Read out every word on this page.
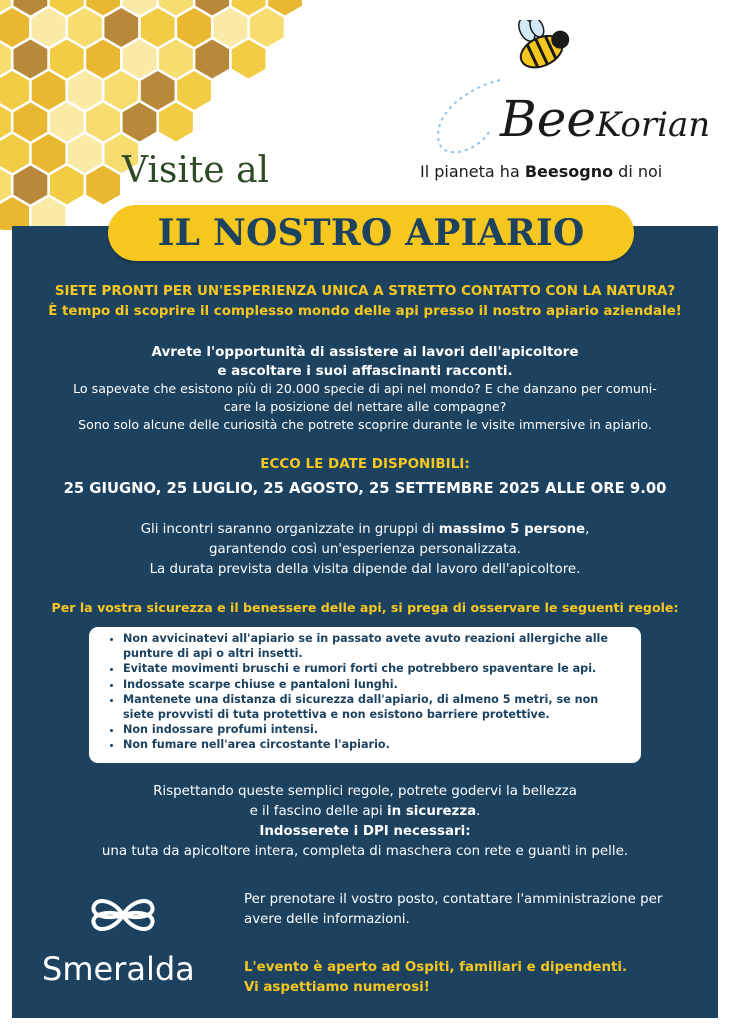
BeeKorian
Il pianeta ha Beesogno di noi
Visite al
IL NOSTRO APIARIO
SIETE PRONTI PER UN'ESPERIENZA UNICA A STRETTO CONTATTO CON LA NATURA?
È tempo di scoprire il complesso mondo delle api presso il nostro apiario aziendale!
Avrete l'opportunità di assistere ai lavori dell'apicoltore
e ascoltare i suoi affascinanti racconti.
Lo sapevate che esistono più di 20.000 specie di api nel mondo? E che danzano per comuni-
care la posizione del nettare alle compagne?
Sono solo alcune delle curiosità che potrete scoprire durante le visite immersive in apiario.
ECCO LE DATE DISPONIBILI:
25 GIUGNO, 25 LUGLIO, 25 AGOSTO, 25 SETTEMBRE 2025 ALLE ORE 9.00
Gli incontri saranno organizzate in gruppi di massimo 5 persone,
garantendo così un'esperienza personalizzata.
La durata prevista della visita dipende dal lavoro dell'apicoltore.
Per la vostra sicurezza e il benessere delle api, si prega di osservare le seguenti regole:
• Non avvicinatevi all'apiario se in passato avete avuto reazioni allergiche alle punture di api o altri insetti.
• Evitate movimenti bruschi e rumori forti che potrebbero spaventare le api.
• Indossate scarpe chiuse e pantaloni lunghi.
• Mantenete una distanza di sicurezza dall'apiario, di almeno 5 metri, se non siete provvisti di tuta protettiva e non esistono barriere protettive.
• Non indossare profumi intensi.
• Non fumare nell'area circostante l'apiario.
Rispettando queste semplici regole, potrete godervi la bellezza
e il fascino delle api in sicurezza.
Indosserete i DPI necessari:
una tuta da apicoltore intera, completa di maschera con rete e guanti in pelle.
Smeralda
Per prenotare il vostro posto, contattare l'amministrazione per avere delle informazioni.
L'evento è aperto ad Ospiti, familiari e dipendenti.
Vi aspettiamo numerosi!
